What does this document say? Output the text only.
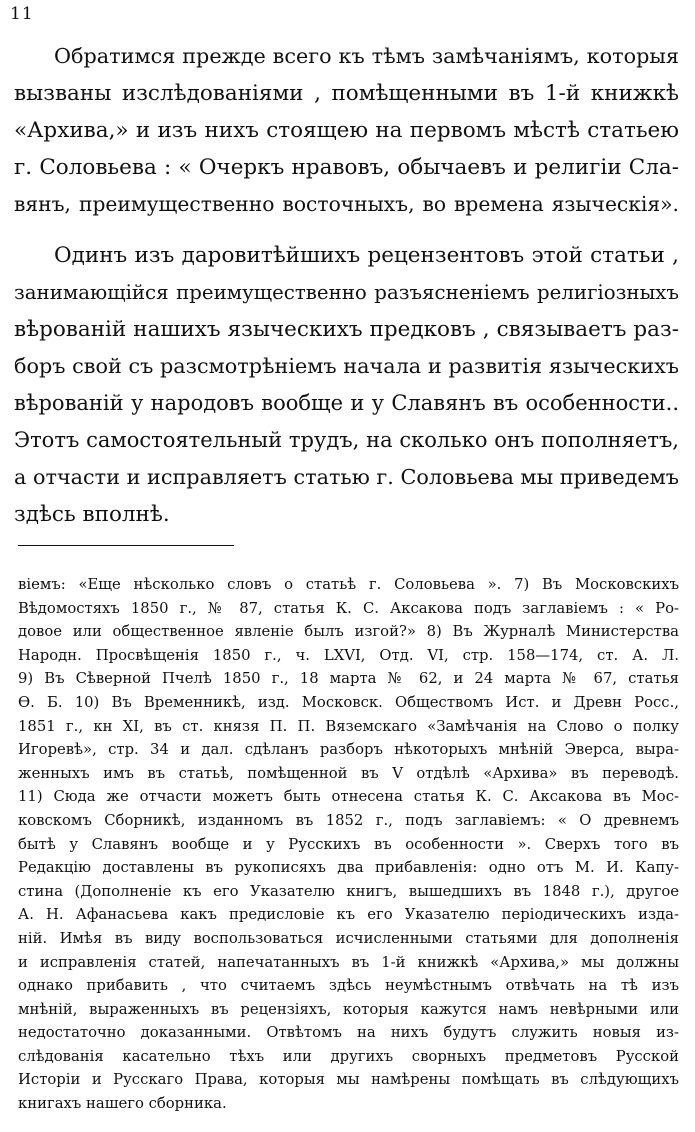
11
Обратимся прежде всего къ тѣмъ замѣчаніямъ, которыя
вызваны изслѣдованіями , помѣщенными въ 1-й книжкѣ
«Архива,» и изъ нихъ стоящею на первомъ мѣстѣ статьею
г. Соловьева : « Очеркъ нравовъ, обычаевъ и религіи Сла-
вянъ, преимущественно восточныхъ, во времена языческія».
Одинъ изъ даровитѣйшихъ рецензентовъ этой статьи ,
занимающійся преимущественно разъясненіемъ религіозныхъ
вѣрованій нашихъ языческихъ предковъ , связываетъ раз-
боръ свой съ разсмотрѣніемъ начала и развитія языческихъ
вѣрованій у народовъ вообще и у Славянъ въ особенности..
Этотъ самостоятельный трудъ, на сколько онъ пополняетъ,
а отчасти и исправляетъ статью г. Соловьева мы приведемъ
здѣсь вполнѣ.
віемъ: «Еще нѣсколько словъ о статьѣ г. Соловьева ». 7) Въ Московскихъ
Вѣдомостяхъ 1850 г., № 87, статья К. С. Аксакова подъ заглавіемъ : « Ро-
довое или общественное явленіе былъ изгой?» 8) Въ Журналѣ Министерства
Народн. Просвѣщенія 1850 г., ч. LXVI, Отд. VI, стр. 158—174, ст. А. Л.
9) Въ Сѣверной Пчелѣ 1850 г., 18 марта № 62, и 24 марта № 67, статья
Ө. Б. 10) Въ Временникѣ, изд. Московск. Обществомъ Ист. и Древн Росс.,
1851 г., кн XI, въ ст. князя П. П. Вяземскаго «Замѣчанія на Слово о полку
Игоревѣ», стр. 34 и дал. сдѣланъ разборъ нѣкоторыхъ мнѣній Эверса, выра-
женныхъ имъ въ статьѣ, помѣщенной въ V отдѣлѣ «Архива» въ переводѣ.
11) Сюда же отчасти можетъ быть отнесена статья К. С. Аксакова въ Мос-
ковскомъ Сборникѣ, изданномъ въ 1852 г., подъ заглавіемъ: « О древнемъ
бытѣ у Славянъ вообще и у Русскихъ въ особенности ». Сверхъ того въ
Редакцію доставлены въ рукописяхъ два прибавленія: одно отъ М. И. Капу-
стина (Дополненіе къ его Указателю книгъ, вышедшихъ въ 1848 г.), другое
А. Н. Афанасьева какъ предисловіе къ его Указателю періодическихъ изда-
ній. Имѣя въ виду воспользоваться исчисленными статьями для дополненія
и исправленія статей, напечатанныхъ въ 1-й книжкѣ «Архива,» мы должны
однако прибавить , что считаемъ здѣсь неумѣстнымъ отвѣчать на тѣ изъ
мнѣній, выраженныхъ въ рецензіяхъ, которыя кажутся намъ невѣрными или
недостаточно доказанными. Отвѣтомъ на нихъ будутъ служить новыя из-
слѣдованія касательно тѣхъ или другихъ сворныхъ предметовъ Русской
Исторіи и Русскаго Права, которыя мы намѣрены помѣщать въ слѣдующихъ
книгахъ нашего сборника.
